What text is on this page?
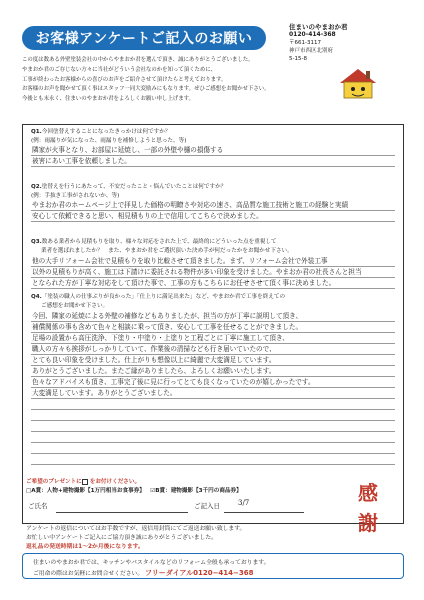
お客様アンケートご記入のお願い
住まいのやまおか君
0120-414-368
〒661-3117
神戸市西区北別府
5-15-8
この度は数ある外壁塗装会社の中からやまおか君を選んで頂き、誠にありがとうございました。
やまおか君のご存じない方々に当社がどういう会社なのかを知って頂くために、
工事が終わったお客様からの喜びのお声をご紹介させて頂けたらと考えております。
お客様のお声を聞かせて頂く事はスタッフ一同大変励みにもなります。ぜひご感想をお聞かせ下さい。
今後とも末永く、住まいのやまおか君をよろしくお願い申し上げます。
Q1.今回塗替えすることになったきっかけは何ですか？
(例：雨漏りが気になった、雨漏りを補修しようと思った、等)
隣家が火事となり、お部屋に延焼し、一部の外壁や樋の損傷する
被害にあい工事を依頼しました。
Q2.塗替えを行うにあたって、不安だったこと・悩んでいたことは何ですか？
(例：手抜き工事がされないか、等)
やまおか君のホームページ上で拝見した価格の明瞭さや対応の速さ、高品質な施工技術と施工の経験と実績
安心して依頼できると思い、相見積もりの上で信用してこちらで決めました。
Q3.数ある業者から見積もりを取り、様々な対応をされた上で、最終的にどういった点を重視して
業者を選ばれましたか？　また、やまおか君をご選択頂いた決め手が何だったかをお聞かせ下さい。
他の大手リフォーム会社で見積もりを取り比較させて頂きました。まず、リフォーム会社で外装工事
以外の見積もりが高く、施工は下請けに委託される物件が多い印象を受けました。やまおか君の社長さんと担当
となられた方が丁寧な対応をして頂けた事で、工事の方もこちらにお任せさせて頂く事に決めました。
Q4.「塗装の職人の仕事ぶりが良かった」「仕上りに満足出来た」など、やまおか君で工事を終えての
ご感想をお聞かせ下さい。
今回、隣家の延焼による外壁の補修などもありましたが、担当の方が丁寧に説明して頂き、
補償関係の事も含めて色々と相談に乗って頂き、安心して工事を任せることができました。
足場の設置から高圧洗浄、下塗り・中塗り・上塗りと工程ごとに丁寧に施工して頂き、
職人の方々も挨拶がしっかりしていて、作業後の清掃なども行き届いていたので、
とても良い印象を受けました。仕上がりも想像以上に綺麗で大変満足しています。
ありがとうございました。またご縁がありましたら、よろしくお願いいたします。
色々なアドバイスも頂き、工事完了後に見に行ってとても良くなっていたのが嬉しかったです。
大変満足しています。ありがとうございました。
ご希望のプレゼントに をお付けください。
□A賞：人物+建物撮影【1万円相当お食事券】 ☑B賞：建物撮影【3千円の商品券】
ご氏名	ご記入日	3/7
アンケートの返信についてはお手数ですが、返信用封筒にてご返送お願い致します。
お忙しい中アンケートご記入にご協力頂き誠にありがとうございました。
返礼品の発送時期は1〜2か月後になります。
感
謝
住まいのやまおか君では、キッチンやバスタイルなどのリフォーム全般も承っております。
ご用命の際はお気軽にお問合せください。 フリーダイアル0120−414−368
